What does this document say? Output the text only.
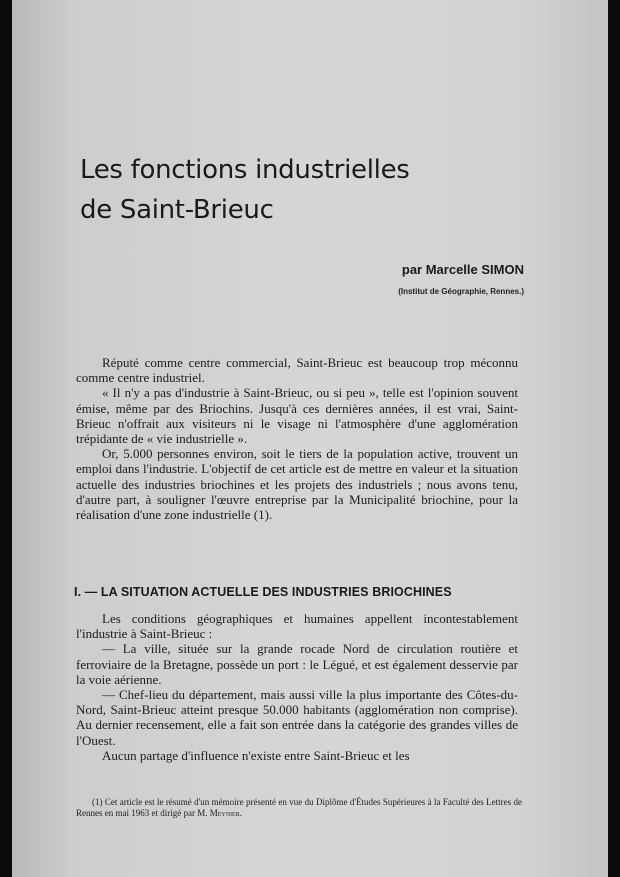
Les fonctions industrielles
de Saint-Brieuc
par Marcelle SIMON
(Institut de Géographie, Rennes.)

Réputé comme centre commercial, Saint-Brieuc est beaucoup trop méconnu comme centre industriel.

« Il n'y a pas d'industrie à Saint-Brieuc, ou si peu », telle est l'opinion souvent émise, même par des Briochins. Jusqu'à ces dernières années, il est vrai, Saint-Brieuc n'offrait aux visiteurs ni le visage ni l'atmosphère d'une agglomération trépidante de « vie industrielle ».

Or, 5.000 personnes environ, soit le tiers de la population active, trouvent un emploi dans l'industrie. L'objectif de cet article est de mettre en valeur et la situation actuelle des industries briochines et les projets des industriels ; nous avons tenu, d'autre part, à souligner l'œuvre entreprise par la Municipalité briochine, pour la réalisation d'une zone industrielle (1).

I. — LA SITUATION ACTUELLE DES INDUSTRIES BRIOCHINES

Les conditions géographiques et humaines appellent incontestablement l'industrie à Saint-Brieuc :

— La ville, située sur la grande rocade Nord de circulation routière et ferroviaire de la Bretagne, possède un port : le Légué, et est également desservie par la voie aérienne.

— Chef-lieu du département, mais aussi ville la plus importante des Côtes-du-Nord, Saint-Brieuc atteint presque 50.000 habitants (agglomération non comprise). Au dernier recensement, elle a fait son entrée dans la catégorie des grandes villes de l'Ouest.

Aucun partage d'influence n'existe entre Saint-Brieuc et les

(1) Cet article est le résumé d'un mémoire présenté en vue du Diplôme d'Études Supérieures à la Faculté des Lettres de Rennes en mai 1963 et dirigé par M. Meynier.
